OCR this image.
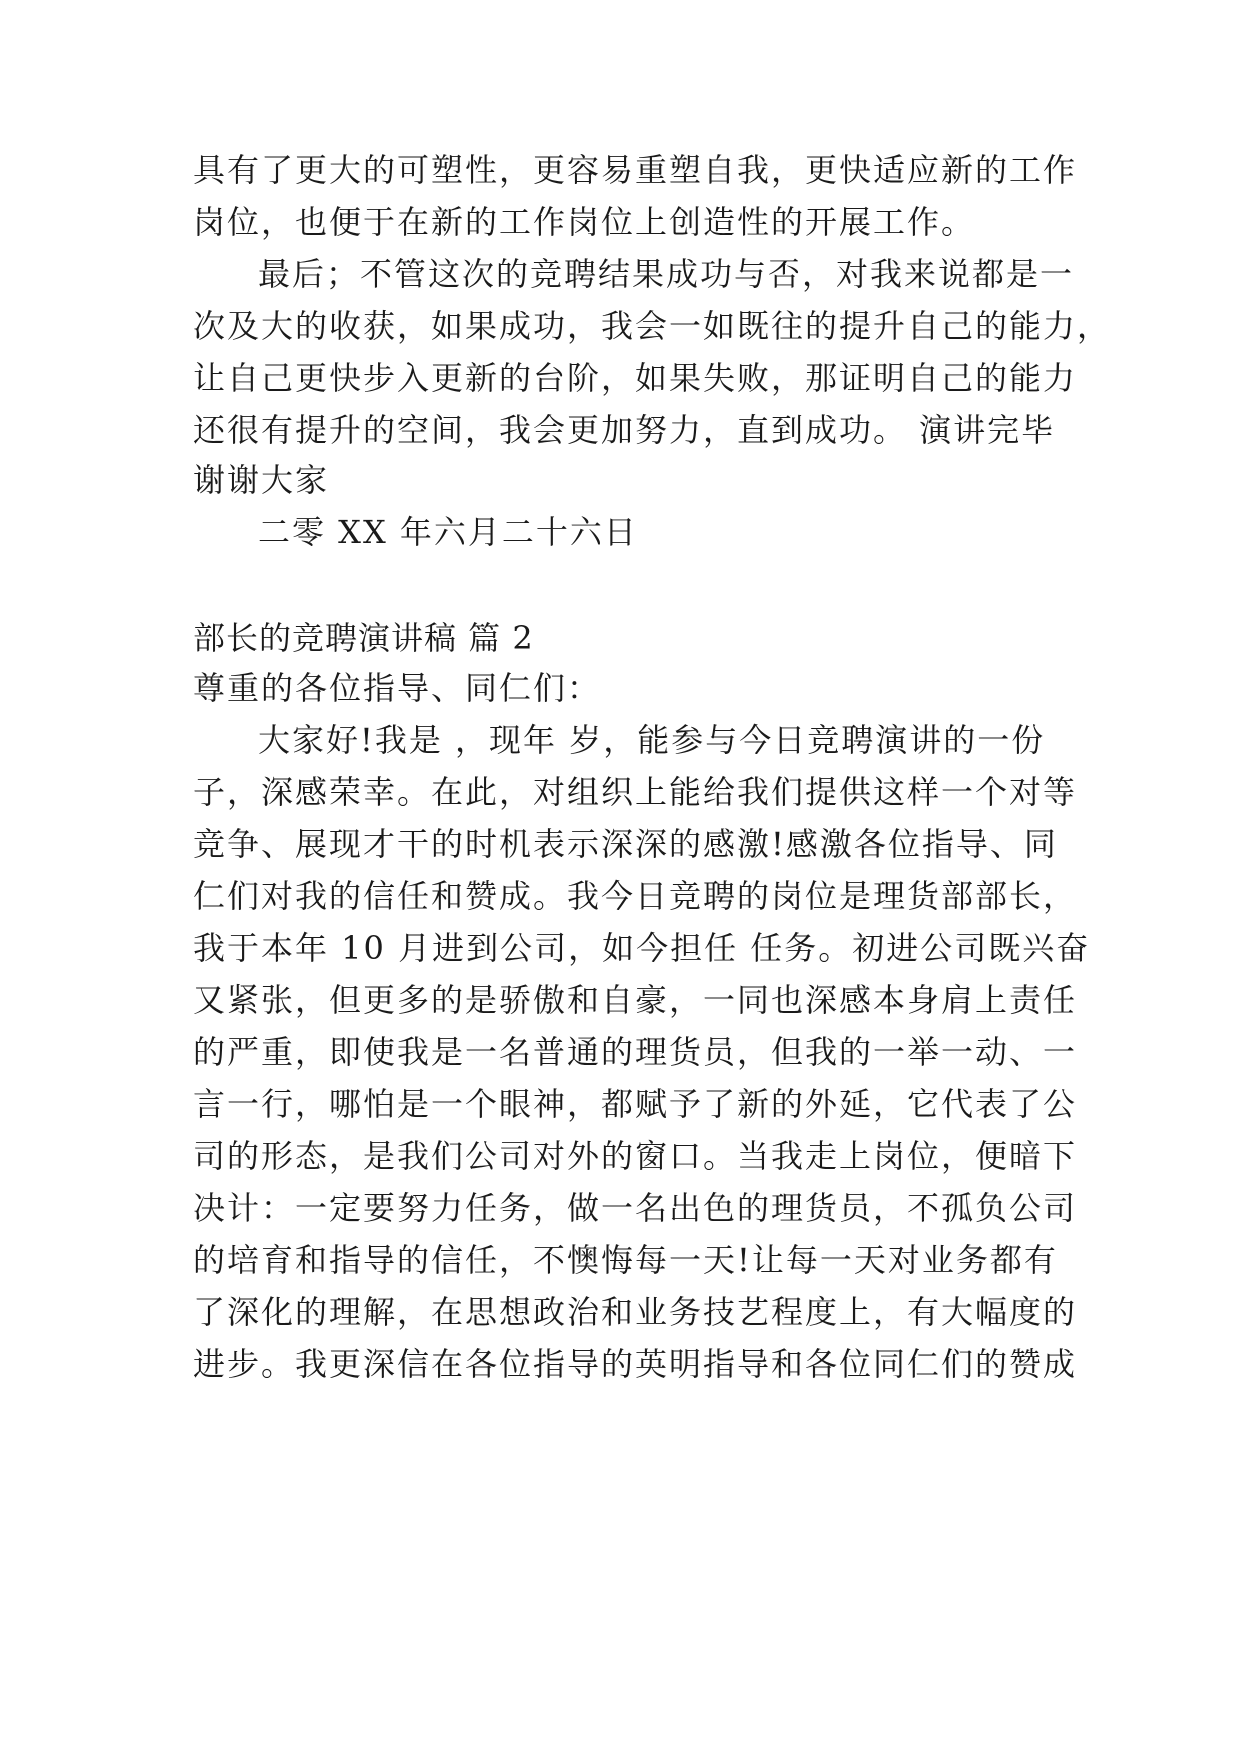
具有了更大的可塑性，更容易重塑自我，更快适应新的工作
岗位，也便于在新的工作岗位上创造性的开展工作。
最后；不管这次的竞聘结果成功与否，对我来说都是一
次及大的收获，如果成功，我会一如既往的提升自己的能力，
让自己更快步入更新的台阶，如果失败，那证明自己的能力
还很有提升的空间，我会更加努力，直到成功。 演讲完毕
谢谢大家
二零 XX 年六月二十六日
部长的竞聘演讲稿 篇 2
尊重的各位指导、同仁们：
大家好!我是 ，现年 岁，能参与今日竞聘演讲的一份
子，深感荣幸。在此，对组织上能给我们提供这样一个对等
竞争、展现才干的时机表示深深的感激!感激各位指导、同
仁们对我的信任和赞成。我今日竞聘的岗位是理货部部长，
我于本年 10 月进到公司，如今担任 任务。初进公司既兴奋
又紧张，但更多的是骄傲和自豪，一同也深感本身肩上责任
的严重，即使我是一名普通的理货员，但我的一举一动、一
言一行，哪怕是一个眼神，都赋予了新的外延，它代表了公
司的形态，是我们公司对外的窗口。当我走上岗位，便暗下
决计：一定要努力任务，做一名出色的理货员，不孤负公司
的培育和指导的信任，不懊悔每一天!让每一天对业务都有
了深化的理解，在思想政治和业务技艺程度上，有大幅度的
进步。我更深信在各位指导的英明指导和各位同仁们的赞成
